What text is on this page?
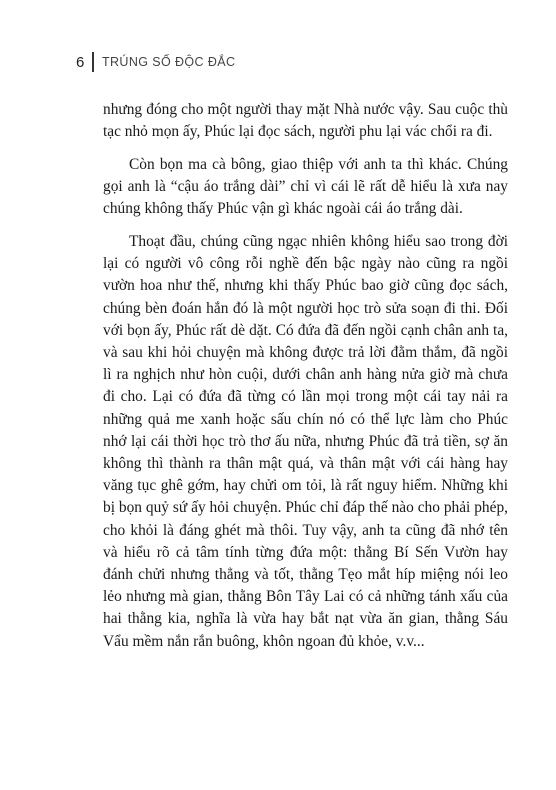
6 TRÚNG SỐ ĐỘC ĐẮC

nhưng đóng cho một người thay mặt Nhà nước vậy. Sau cuộc thù tạc nhỏ mọn ấy, Phúc lại đọc sách, người phu lại vác chổi ra đi.

Còn bọn ma cà bông, giao thiệp với anh ta thì khác. Chúng gọi anh là “cậu áo trắng dài” chỉ vì cái lẽ rất dễ hiểu là xưa nay chúng không thấy Phúc vận gì khác ngoài cái áo trắng dài.

Thoạt đầu, chúng cũng ngạc nhiên không hiểu sao trong đời lại có người vô công rỗi nghề đến bậc ngày nào cũng ra ngồi vườn hoa như thế, nhưng khi thấy Phúc bao giờ cũng đọc sách, chúng bèn đoán hắn đó là một người học trò sửa soạn đi thi. Đối với bọn ấy, Phúc rất dè dặt. Có đứa đã đến ngồi cạnh chân anh ta, và sau khi hỏi chuyện mà không được trả lời đằm thắm, đã ngồi lì ra nghịch như hòn cuội, dưới chân anh hàng nửa giờ mà chưa đi cho. Lại có đứa đã từng có lần mọi trong một cái tay nải ra những quả me xanh hoặc sấu chín nó có thể lực làm cho Phúc nhớ lại cái thời học trò thơ ấu nữa, nhưng Phúc đã trả tiền, sợ ăn không thì thành ra thân mật quá, và thân mật với cái hàng hay văng tục ghê gớm, hay chửi om tỏi, là rất nguy hiểm. Những khi bị bọn quỷ sứ ấy hỏi chuyện. Phúc chỉ đáp thế nào cho phải phép, cho khỏi là đáng ghét mà thôi. Tuy vậy, anh ta cũng đã nhớ tên và hiểu rõ cả tâm tính từng đứa một: thằng Bí Sến Vườn hay đánh chửi nhưng thẳng và tốt, thằng Tẹo mắt híp miệng nói leo lẻo nhưng mà gian, thằng Bôn Tây Lai có cả những tánh xấu của hai thằng kia, nghĩa là vừa hay bắt nạt vừa ăn gian, thằng Sáu Vẩu mềm nắn rắn buông, khôn ngoan đủ khỏe, v.v...
